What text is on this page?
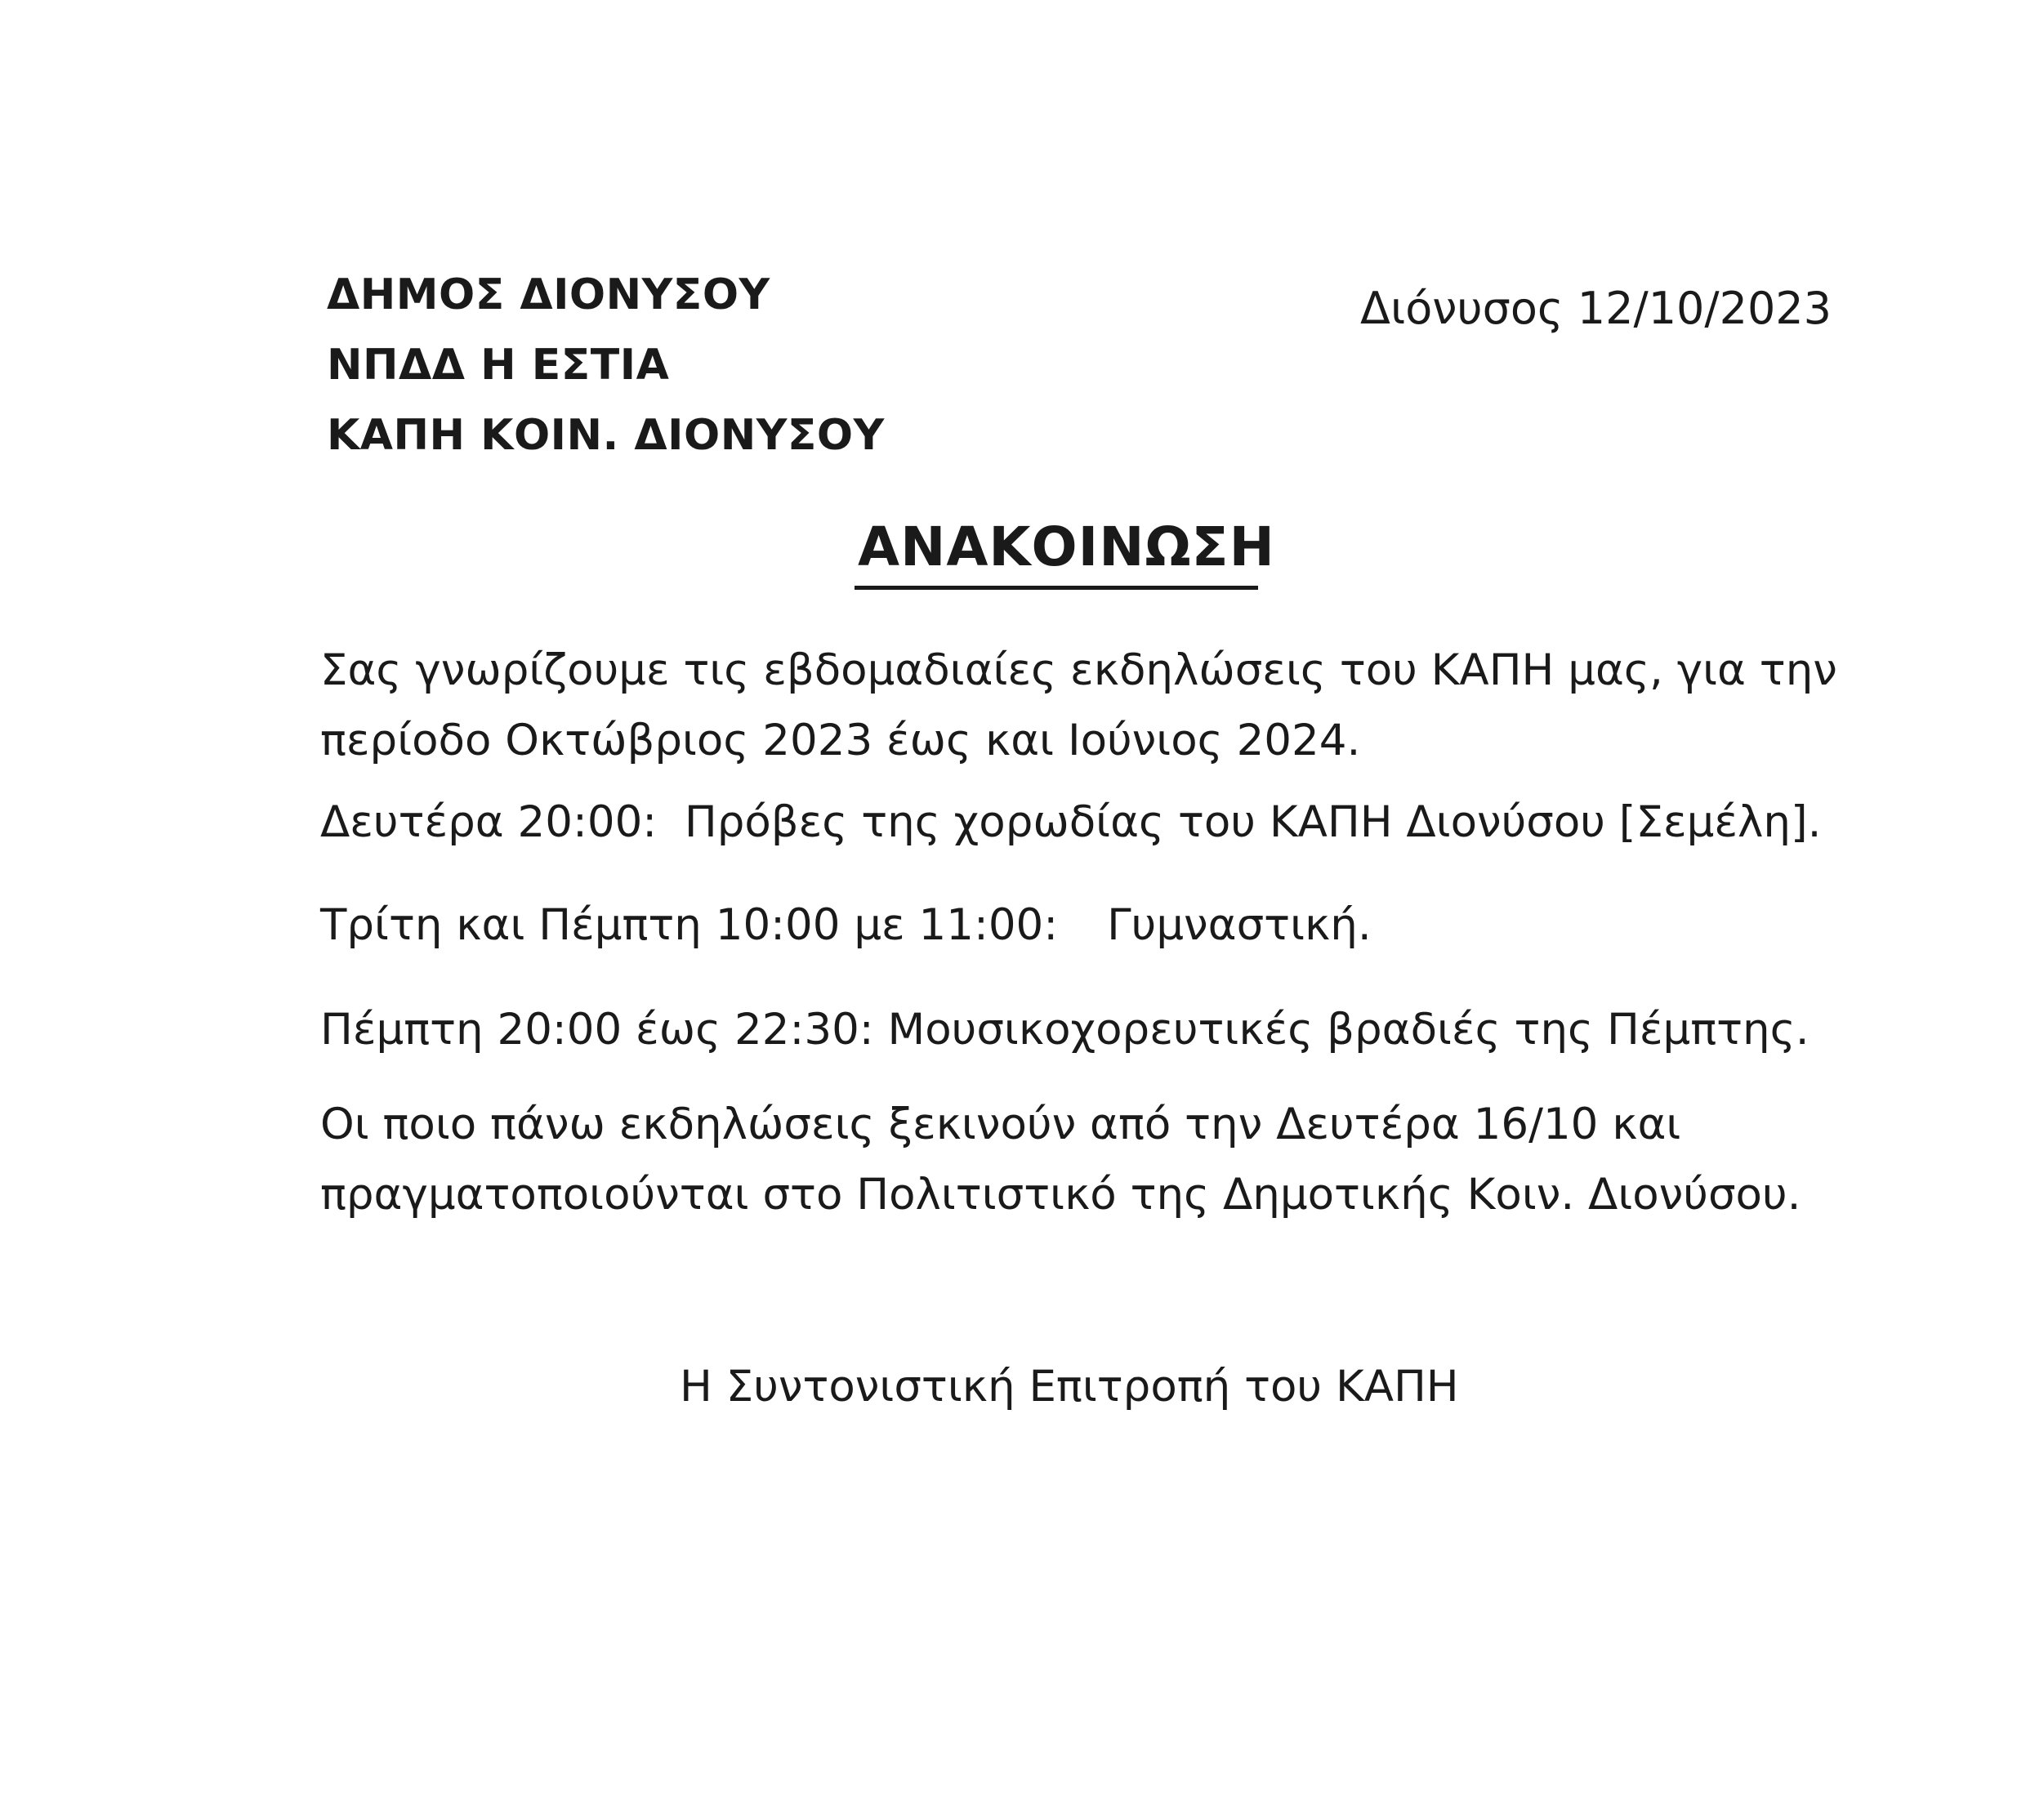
ΔΗΜΟΣ ΔΙΟΝΥΣΟΥ
ΝΠΔΔ Η ΕΣΤΙΑ
ΚΑΠΗ ΚΟΙΝ. ΔΙΟΝΥΣΟΥ
Διόνυσος 12/10/2023
ΑΝΑΚΟΙΝΩΣΗ
Σας γνωρίζουμε τις εβδομαδιαίες εκδηλώσεις του ΚΑΠΗ μας, για την
περίοδο Οκτώβριος 2023 έως και Ιούνιος 2024.
Δευτέρα 20:00: Πρόβες της χορωδίας του ΚΑΠΗ Διονύσου [Σεμέλη].
Τρίτη και Πέμπτη 10:00 με 11:00: Γυμναστική.
Πέμπτη 20:00 έως 22:30: Μουσικοχορευτικές βραδιές της Πέμπτης.
Οι ποιο πάνω εκδηλώσεις ξεκινούν από την Δευτέρα 16/10 και
πραγματοποιούνται στο Πολιτιστικό της Δημοτικής Κοιν. Διονύσου.
Η Συντονιστική Επιτροπή του ΚΑΠΗ
